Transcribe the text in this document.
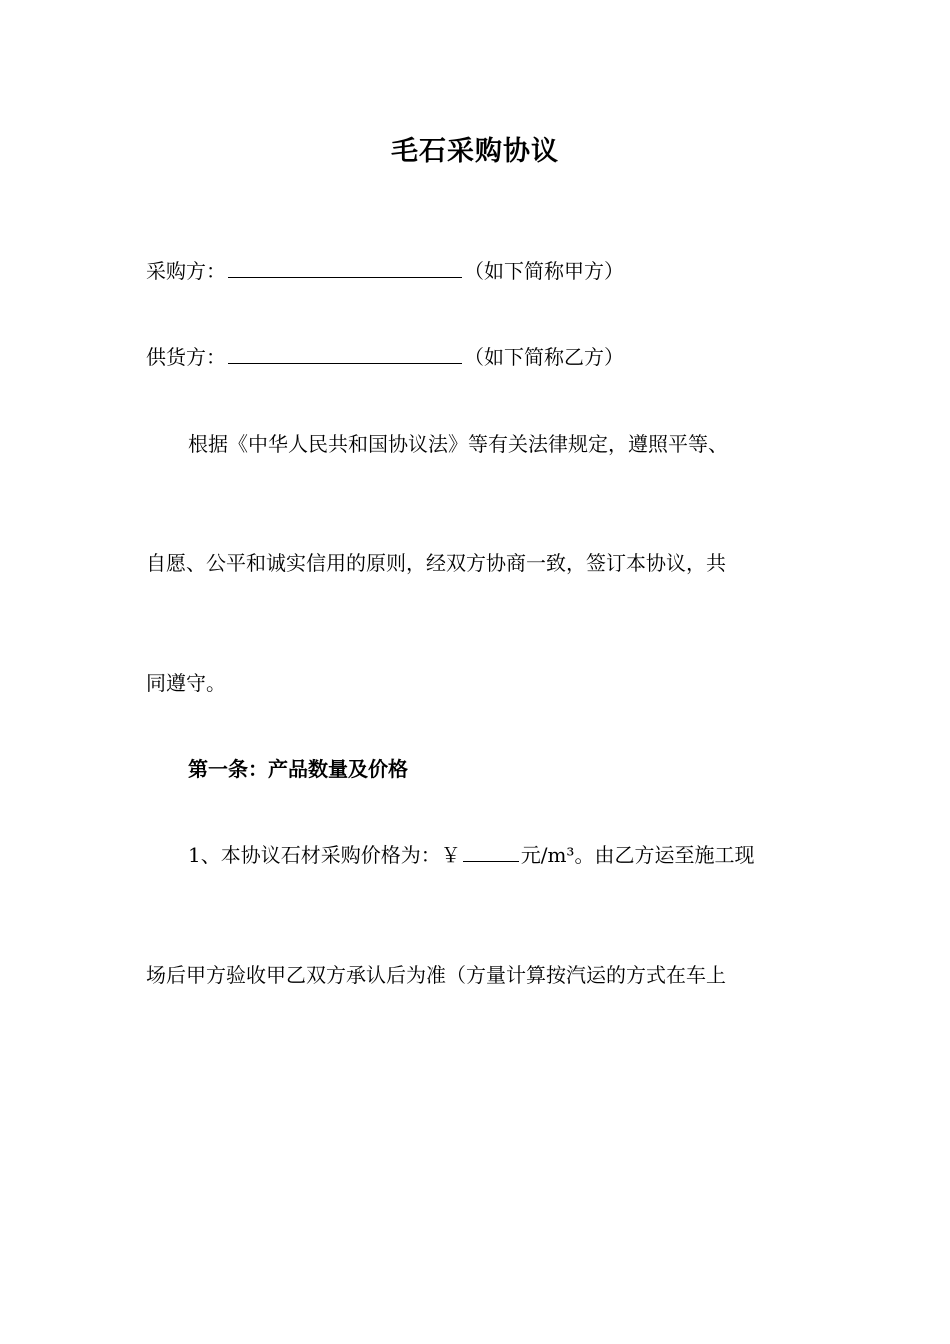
毛石采购协议
采购方：	（如下简称甲方）
供货方：	（如下简称乙方）
根据《中华人民共和国协议法》等有关法律规定，遵照平等、
自愿、公平和诚实信用的原则，经双方协商一致，签订本协议，共
同遵守。
第一条：产品数量及价格
1、本协议石材采购价格为：￥	元/m³。由乙方运至施工现
场后甲方验收甲乙双方承认后为准（方量计算按汽运的方式在车上
